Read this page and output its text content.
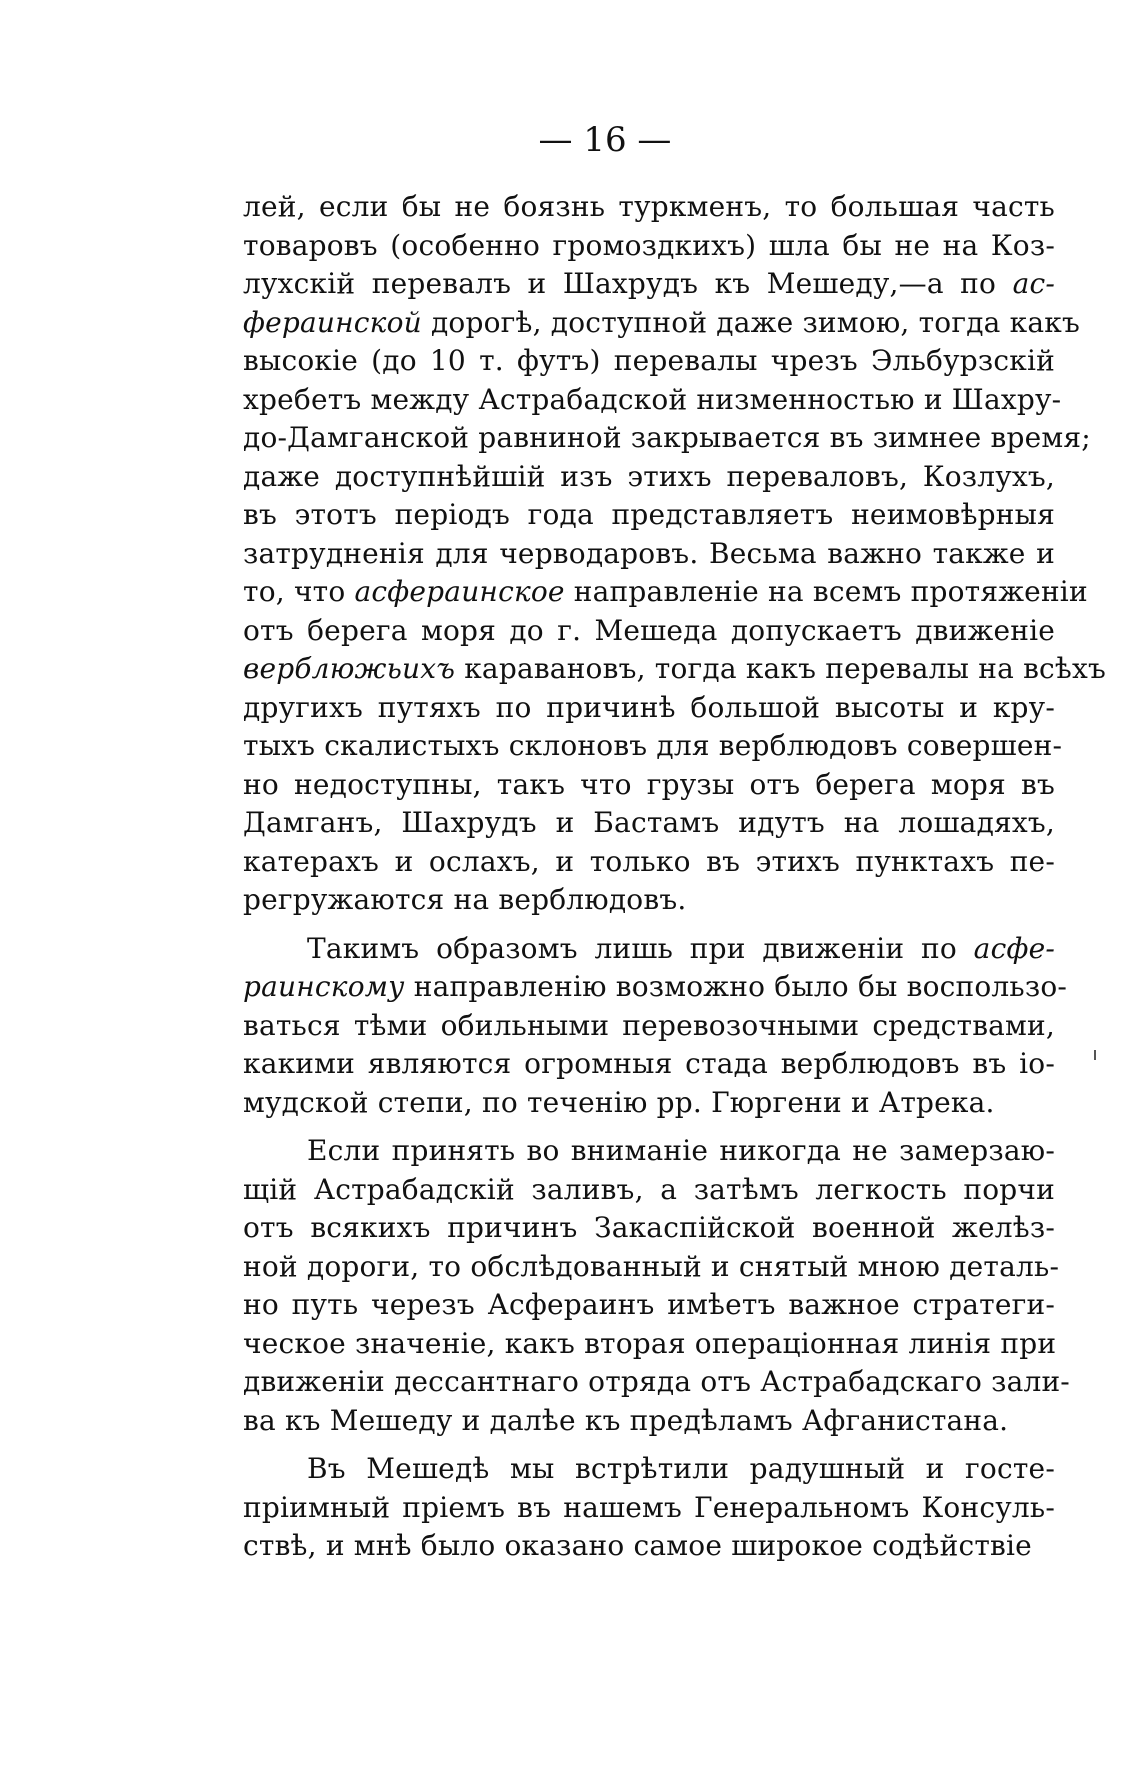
— 16 —
лей, если бы не боязнь туркменъ, то большая часть
товаровъ (особенно громоздкихъ) шла бы не на Коз-
лухскій перевалъ и Шахрудъ къ Мешеду,—а по ас-
фераинской дорогѣ, доступной даже зимою, тогда какъ
высокіе (до 10 т. футъ) перевалы чрезъ Эльбурзскій
хребетъ между Астрабадской низменностью и Шахру-
до-Дамганской равниной закрывается въ зимнее время;
даже доступнѣйшій изъ этихъ переваловъ, Козлухъ,
въ этотъ періодъ года представляетъ неимовѣрныя
затрудненія для черводаровъ. Весьма важно также и
то, что асфераинское направленіе на всемъ протяженіи
отъ берега моря до г. Мешеда допускаетъ движеніе
верблюжьихъ каравановъ, тогда какъ перевалы на всѣхъ
другихъ путяхъ по причинѣ большой высоты и кру-
тыхъ скалистыхъ склоновъ для верблюдовъ совершен-
но недоступны, такъ что грузы отъ берега моря въ
Дамганъ, Шахрудъ и Бастамъ идутъ на лошадяхъ,
катерахъ и ослахъ, и только въ этихъ пунктахъ пе-
регружаются на верблюдовъ.
Такимъ образомъ лишь при движеніи по асфе-
раинскому направленію возможно было бы воспользо-
ваться тѣми обильными перевозочными средствами,
какими являются огромныя стада верблюдовъ въ іо-
мудской степи, по теченію рр. Гюргени и Атрека.
Если принять во вниманіе никогда не замерзаю-
щій Астрабадскій заливъ, а затѣмъ легкость порчи
отъ всякихъ причинъ Закаспійской военной желѣз-
ной дороги, то обслѣдованный и снятый мною деталь-
но путь черезъ Асфераинъ имѣетъ важное стратеги-
ческое значеніе, какъ вторая операціонная линія при
движеніи дессантнаго отряда отъ Астрабадскаго зали-
ва къ Мешеду и далѣе къ предѣламъ Афганистана.
Въ Мешедѣ мы встрѣтили радушный и госте-
пріимный пріемъ въ нашемъ Генеральномъ Консуль-
ствѣ, и мнѣ было оказано самое широкое содѣйствіе
